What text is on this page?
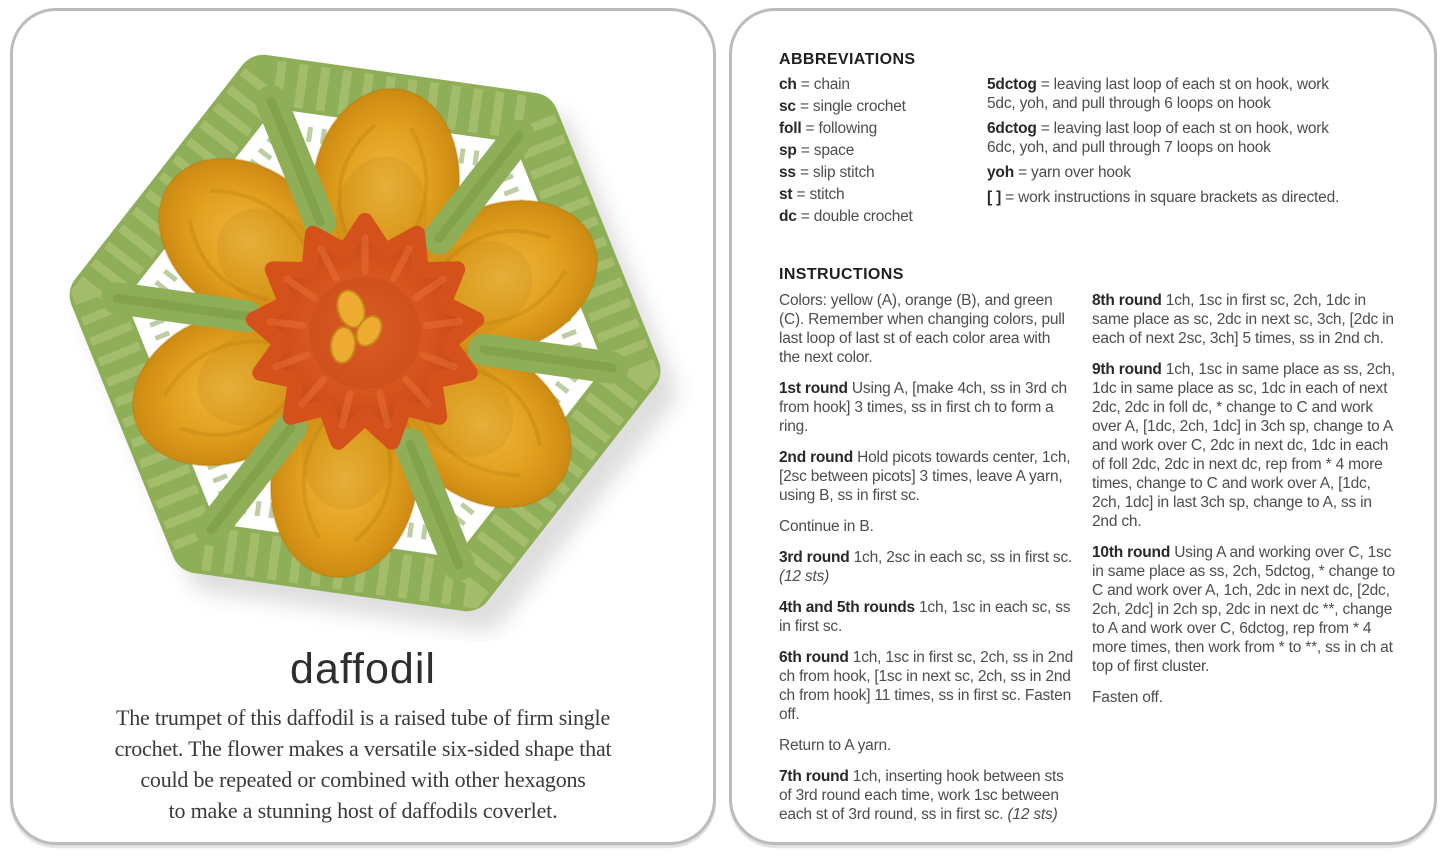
daffodil
The trumpet of this daffodil is a raised tube of firm single
crochet. The flower makes a versatile six-sided shape that
could be repeated or combined with other hexagons
to make a stunning host of daffodils coverlet.
ABBREVIATIONS
ch = chain
sc = single crochet
foll = following
sp = space
ss = slip stitch
st = stitch
dc = double crochet
5dctog = leaving last loop of each st on hook, work 5dc, yoh, and pull through 6 loops on hook
6dctog = leaving last loop of each st on hook, work 6dc, yoh, and pull through 7 loops on hook
yoh = yarn over hook
[ ] = work instructions in square brackets as directed.
INSTRUCTIONS

Colors: yellow (A), orange (B), and green (C). Remember when changing colors, pull last loop of last st of each color area with the next color.

1st round Using A, [make 4ch, ss in 3rd ch from hook] 3 times, ss in first ch to form a ring.

2nd round Hold picots towards center, 1ch, [2sc between picots] 3 times, leave A yarn, using B, ss in first sc.

Continue in B.

3rd round 1ch, 2sc in each sc, ss in first sc. (12 sts)

4th and 5th rounds 1ch, 1sc in each sc, ss in first sc.

6th round 1ch, 1sc in first sc, 2ch, ss in 2nd ch from hook, [1sc in next sc, 2ch, ss in 2nd ch from hook] 11 times, ss in first sc. Fasten off.

Return to A yarn.

7th round 1ch, inserting hook between sts of 3rd round each time, work 1sc between each st of 3rd round, ss in first sc. (12 sts)

8th round 1ch, 1sc in first sc, 2ch, 1dc in same place as sc, 2dc in next sc, 3ch, [2dc in each of next 2sc, 3ch] 5 times, ss in 2nd ch.

9th round 1ch, 1sc in same place as ss, 2ch, 1dc in same place as sc, 1dc in each of next 2dc, 2dc in foll dc, * change to C and work over A, [1dc, 2ch, 1dc] in 3ch sp, change to A and work over C, 2dc in next dc, 1dc in each of foll 2dc, 2dc in next dc, rep from * 4 more times, change to C and work over A, [1dc, 2ch, 1dc] in last 3ch sp, change to A, ss in 2nd ch.

10th round Using A and working over C, 1sc in same place as ss, 2ch, 5dctog, * change to C and work over A, 1ch, 2dc in next dc, [2dc, 2ch, 2dc] in 2ch sp, 2dc in next dc **, change to A and work over C, 6dctog, rep from * 4 more times, then work from * to **, ss in ch at top of first cluster.

Fasten off.
